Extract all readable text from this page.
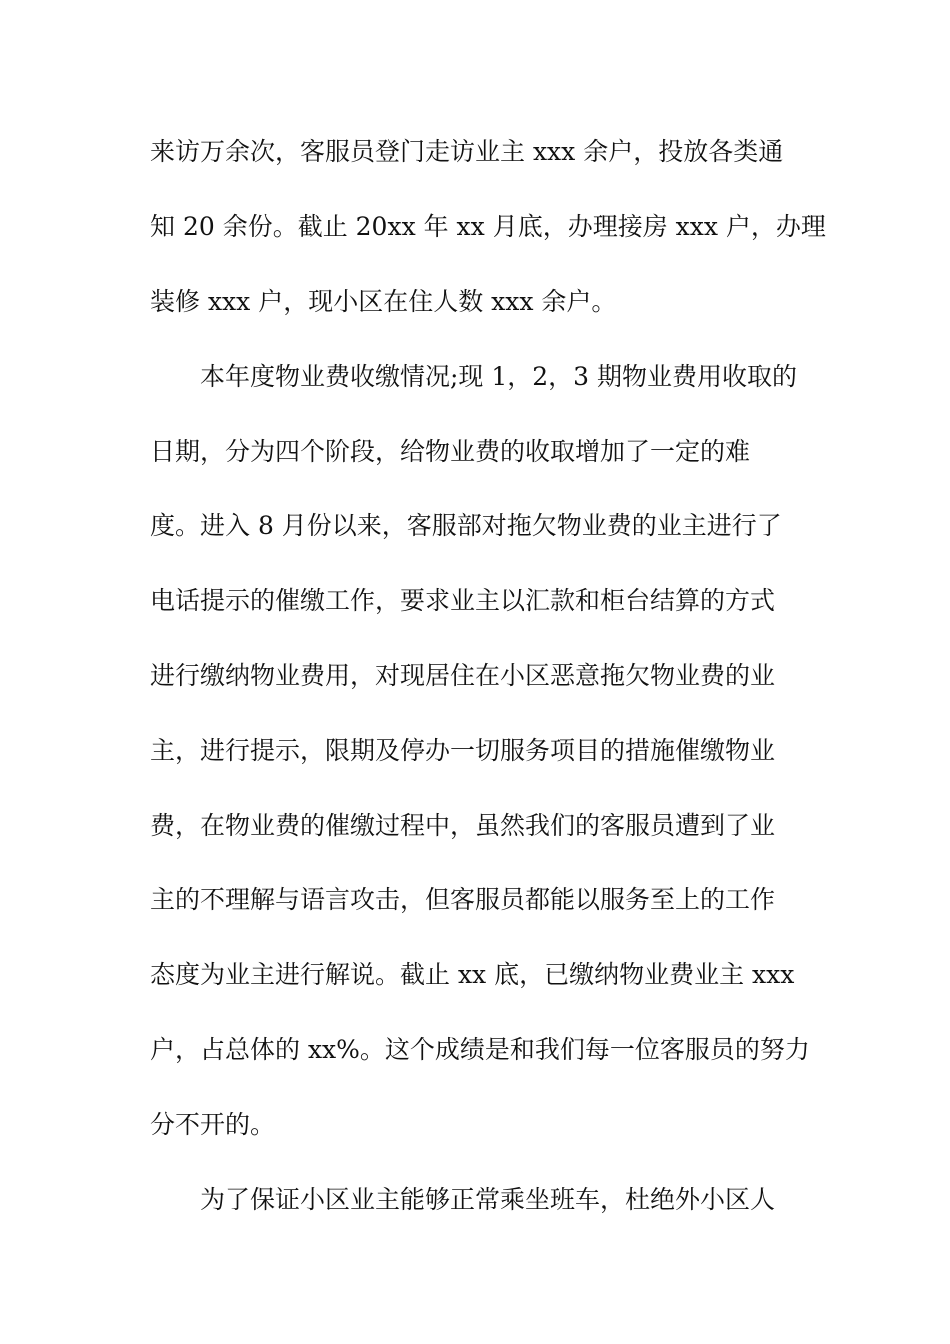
来访万余次，客服员登门走访业主 xxx 余户，投放各类通
知 20 余份。截止 20xx 年 xx 月底，办理接房 xxx 户，办理
装修 xxx 户，现小区在住人数 xxx 余户。
本年度物业费收缴情况;现 1，2，3 期物业费用收取的
日期，分为四个阶段，给物业费的收取增加了一定的难
度。进入 8 月份以来，客服部对拖欠物业费的业主进行了
电话提示的催缴工作，要求业主以汇款和柜台结算的方式
进行缴纳物业费用，对现居住在小区恶意拖欠物业费的业
主，进行提示，限期及停办一切服务项目的措施催缴物业
费，在物业费的催缴过程中，虽然我们的客服员遭到了业
主的不理解与语言攻击，但客服员都能以服务至上的工作
态度为业主进行解说。截止 xx 底，已缴纳物业费业主 xxx
户，占总体的 xx%。这个成绩是和我们每一位客服员的努力
分不开的。
为了保证小区业主能够正常乘坐班车，杜绝外小区人
